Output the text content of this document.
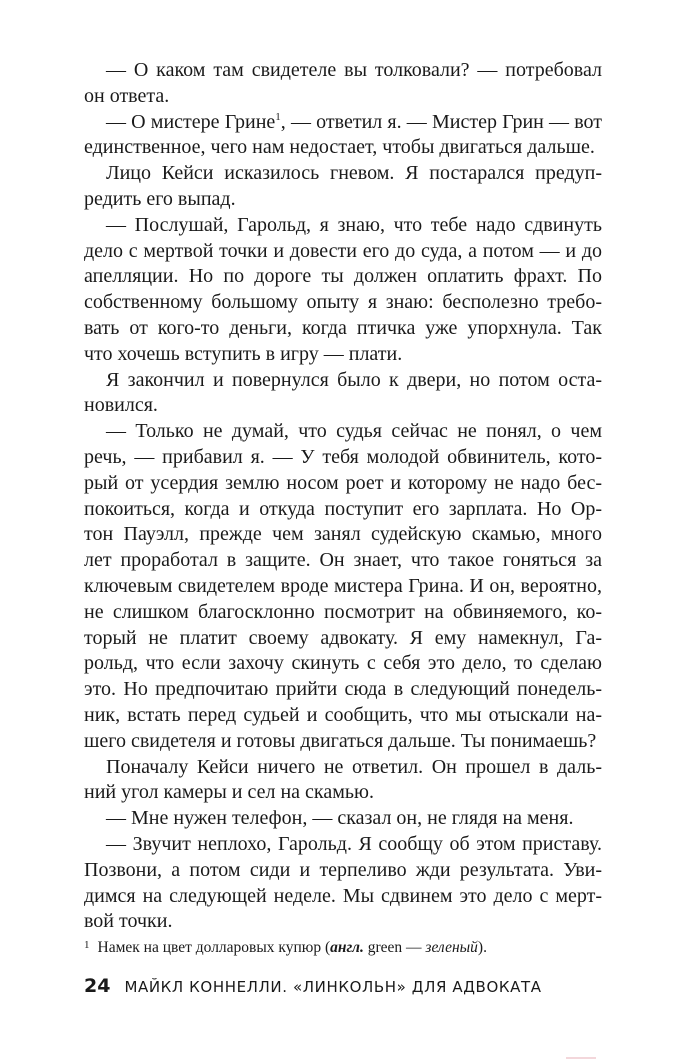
— О каком там свидетеле вы толковали? — потребовал
он ответа.
— О мистере Грине$^1$, — ответил я. — Мистер Грин — вот
единственное, чего нам недостает, чтобы двигаться дальше.
Лицо Кейси исказилось гневом. Я постарался предуп-
редить его выпад.
— Послушай, Гарольд, я знаю, что тебе надо сдвинуть
дело с мертвой точки и довести его до суда, а потом — и до
апелляции. Но по дороге ты должен оплатить фрахт. По
собственному большому опыту я знаю: бесполезно требо-
вать от кого-то деньги, когда птичка уже упорхнула. Так
что хочешь вступить в игру — плати.
Я закончил и повернулся было к двери, но потом оста-
новился.
— Только не думай, что судья сейчас не понял, о чем
речь, — прибавил я. — У тебя молодой обвинитель, кото-
рый от усердия землю носом роет и которому не надо бес-
покоиться, когда и откуда поступит его зарплата. Но Ор-
тон Пауэлл, прежде чем занял судейскую скамью, много
лет проработал в защите. Он знает, что такое гоняться за
ключевым свидетелем вроде мистера Грина. И он, вероятно,
не слишком благосклонно посмотрит на обвиняемого, ко-
торый не платит своему адвокату. Я ему намекнул, Га-
рольд, что если захочу скинуть с себя это дело, то сделаю
это. Но предпочитаю прийти сюда в следующий понедель-
ник, встать перед судьей и сообщить, что мы отыскали на-
шего свидетеля и готовы двигаться дальше. Ты понимаешь?
Поначалу Кейси ничего не ответил. Он прошел в даль-
ний угол камеры и сел на скамью.
— Мне нужен телефон, — сказал он, не глядя на меня.
— Звучит неплохо, Гарольд. Я сообщу об этом приставу.
Позвони, а потом сиди и терпеливо жди результата. Уви-
димся на следующей неделе. Мы сдвинем это дело с мерт-
вой точки.
$^1$ Намек на цвет долларовых купюр (англ. green — зеленый).
24 МАЙКЛ КОННЕЛЛИ. «ЛИНКОЛЬН» ДЛЯ АДВОКАТА
